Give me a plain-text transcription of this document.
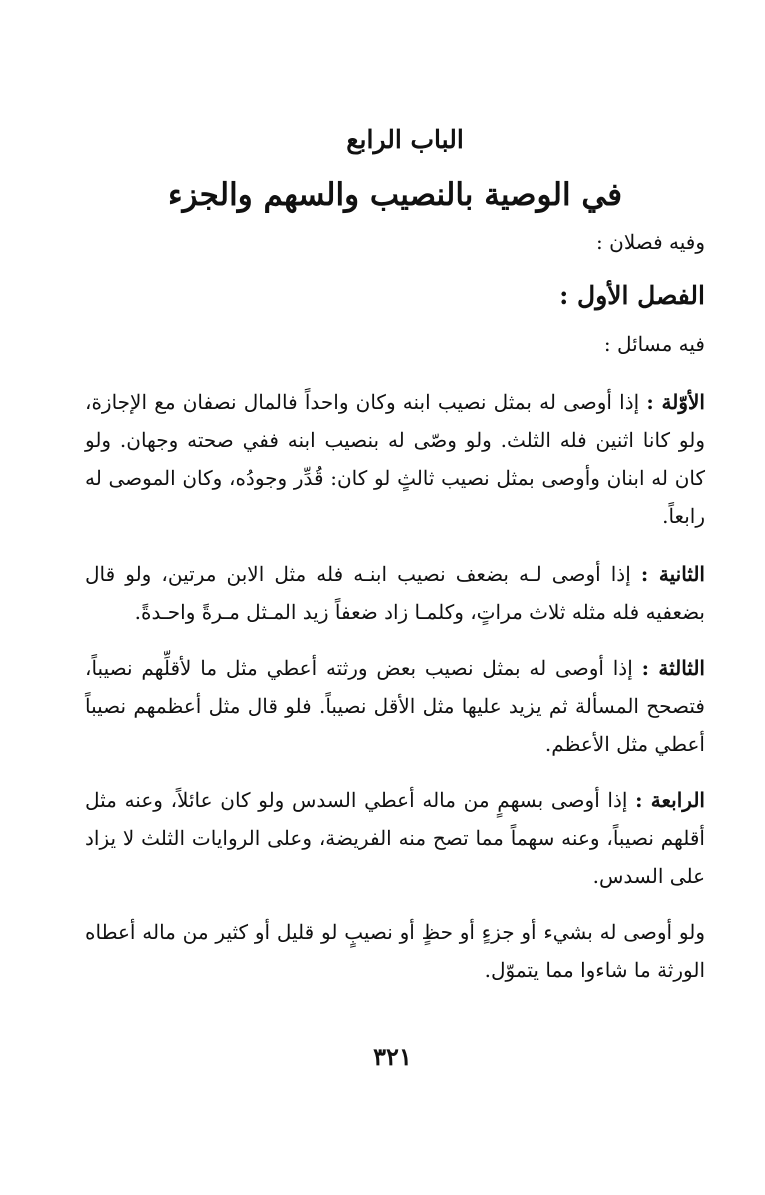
الباب الرابع
في الوصية بالنصيب والسهم والجزء
وفيه فصلان :
الفصل الأول :
فيه مسائل :

الأوّلة : إذا أوصى له بمثل نصيب ابنه وكان واحداً فالمال نصفان مع الإجازة، ولو كانا اثنين فله الثلث. ولو وصّى له بنصيب ابنه ففي صحته وجهان. ولو كان له ابنان وأوصى بمثل نصيب ثالثٍ لو كان: قُدِّر وجودُه، وكان الموصى له رابعاً.

الثانية : إذا أوصى لـه بضعف نصيب ابنـه فله مثل الابن مرتين، ولو قال بضعفيه فله مثله ثلاث مراتٍ، وكلمـا زاد ضعفاً زيد المـثل مـرةً واحـدةً.

الثالثة : إذا أوصى له بمثل نصيب بعض ورثته أعطي مثل ما لأقلِّهم نصيباً، فتصحح المسألة ثم يزيد عليها مثل الأقل نصيباً. فلو قال مثل أعظمهم نصيباً أعطي مثل الأعظم.

الرابعة : إذا أوصى بسهمٍ من ماله أعطي السدس ولو كان عائلاً، وعنه مثل أقلهم نصيباً، وعنه سهماً مما تصح منه الفريضة، وعلى الروايات الثلث لا يزاد على السدس.

ولو أوصى له بشيء أو جزءٍ أو حظٍ أو نصيبٍ لو قليل أو كثير من ماله أعطاه الورثة ما شاءوا مما يتموّل.

٣٢١
